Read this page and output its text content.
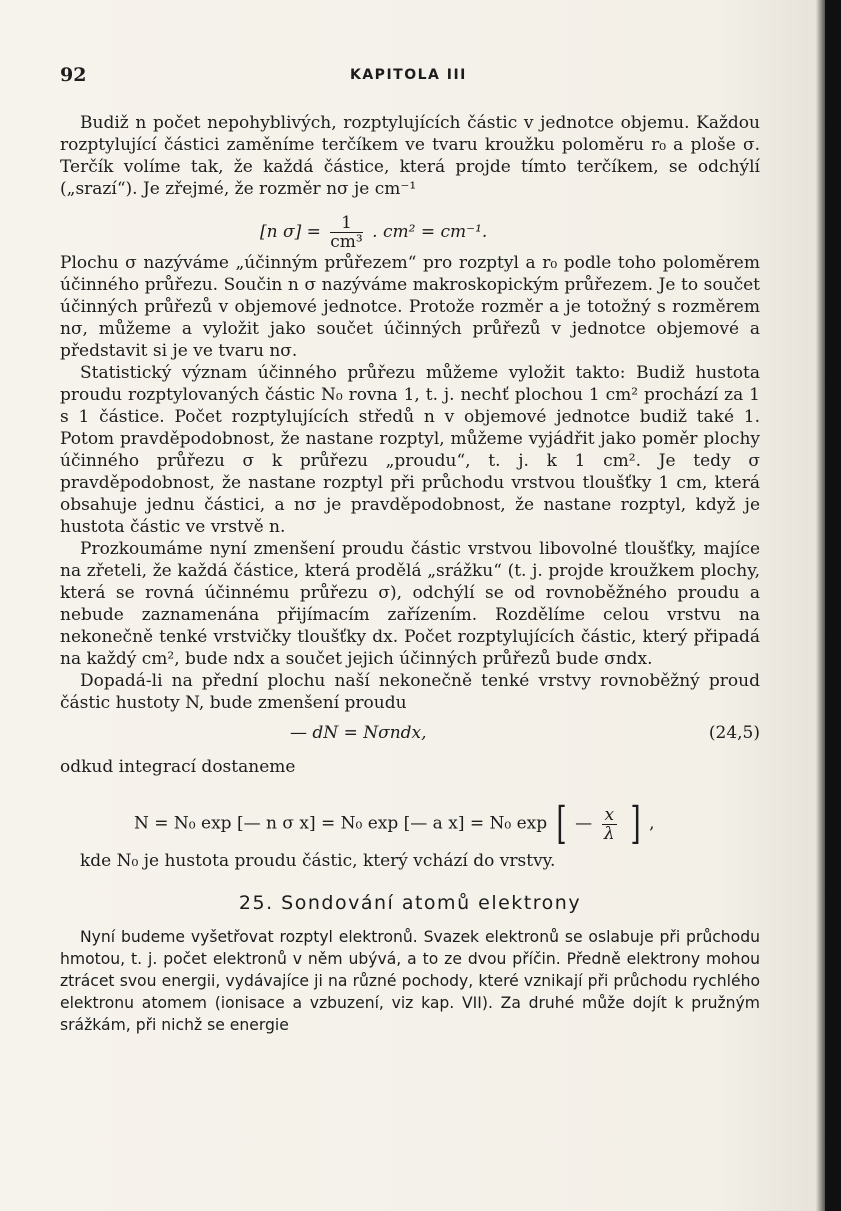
92	KAPITOLA III

Budiž n počet nepohyblivých, rozptylujících částic v jednotce objemu. Každou rozptylující částici zaměníme terčíkem ve tvaru kroužku poloměru r₀ a ploše σ. Terčík volíme tak, že každá částice, která projde tímto terčíkem, se odchýlí („srazí“). Je zřejmé, že rozměr nσ je cm⁻¹

[n $\sigma] = \frac{1}{\text{cm³}}$ . cm² = cm⁻¹.

Plochu σ nazýváme „účinným průřezem“ pro rozptyl a r₀ podle toho poloměrem účinného průřezu. Součin n σ nazýváme makroskopickým průřezem. Je to součet účinných průřezů v objemové jednotce. Protože rozměr a je totožný s rozměrem nσ, můžeme a vyložit jako součet účinných průřezů v jednotce objemové a představit si je ve tvaru nσ.

Statistický význam účinného průřezu můžeme vyložit takto: Budiž hustota proudu rozptylovaných částic N₀ rovna 1, t. j. nechť plochou 1 cm² prochází za 1 s 1 částice. Počet rozptylujících středů n v objemové jednotce budiž také 1. Potom pravděpodobnost, že nastane rozptyl, můžeme vyjádřit jako poměr plochy účinného průřezu σ k průřezu „proudu“, t. j. k 1 cm². Je tedy σ pravděpodobnost, že nastane rozptyl při průchodu vrstvou tloušťky 1 cm, která obsahuje jednu částici, a nσ je pravděpodobnost, že nastane rozptyl, když je hustota částic ve vrstvě n.

Prozkoumáme nyní zmenšení proudu částic vrstvou libovolné tloušťky, majíce na zřeteli, že každá částice, která prodělá „srážku“ (t. j. projde kroužkem plochy, která se rovná účinnému průřezu σ), odchýlí se od rovnoběžného proudu a nebude zaznamenána přijímacím zařízením. Rozdělíme celou vrstvu na nekonečně tenké vrstvičky tloušťky dx. Počet rozptylujících částic, který připadá na každý cm², bude ndx a součet jejich účinných průřezů bude σndx.

Dopadá-li na přední plochu naší nekonečně tenké vrstvy rovnoběžný proud částic hustoty N, bude zmenšení proudu

— dN = Nσndx,	(24,5)

odkud integrací dostaneme

N = N₀ exp [— n σ x] = N₀ exp [— a x] = N₀ exp [ — $\frac{x}{\lambda}$ ] ,

kde N₀ je hustota proudu částic, který vchází do vrstvy.

25. Sondování atomů elektrony

Nyní budeme vyšetřovat rozptyl elektronů. Svazek elektronů se oslabuje při průchodu hmotou, t. j. počet elektronů v něm ubývá, a to ze dvou příčin. Předně elektrony mohou ztrácet svou energii, vydávajíce ji na různé pochody, které vznikají při průchodu rychlého elektronu atomem (ionisace a vzbuzení, viz kap. VII). Za druhé může dojít k pružným srážkám, při nichž se energie
